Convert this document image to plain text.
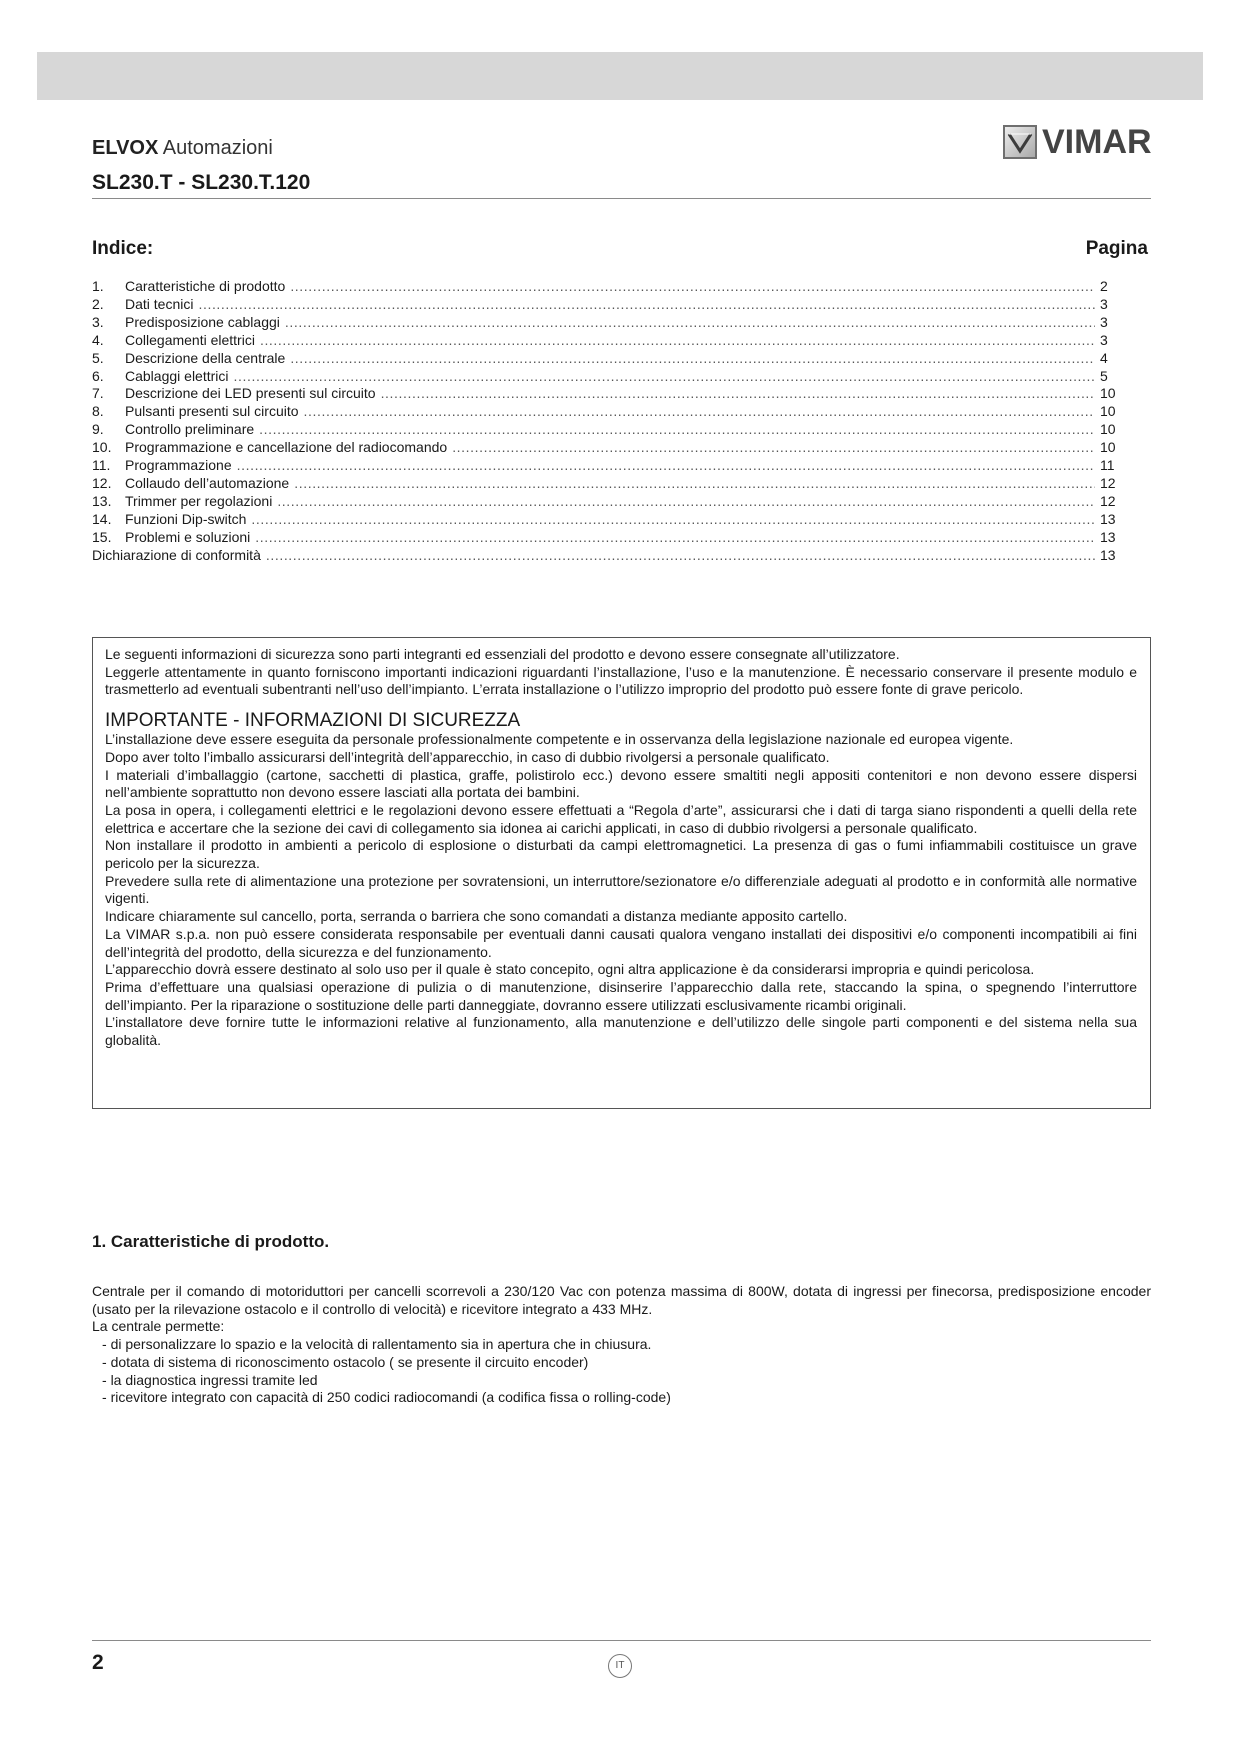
ELVOX Automazioni	VIMAR
SL230.T - SL230.T.120
Indice:	Pagina
1.	Caratteristiche di prodotto .....	2
2.	Dati tecnici .....	3
3.	Predisposizione cablaggi .....	3
4.	Collegamenti elettrici .....	3
5.	Descrizione della centrale .....	4
6.	Cablaggi elettrici .....	5
7.	Descrizione dei LED presenti sul circuito .....	10
8.	Pulsanti presenti sul circuito .....	10
9.	Controllo preliminare .....	10
10. Programmazione e cancellazione del radiocomando .....	10
11.	Programmazione .....	11
12. Collaudo dell’automazione .....	12
13. Trimmer per regolazioni .....	12
14. Funzioni Dip-switch .....	13
15. Problemi e soluzioni .....	13
Dichiarazione di conformità .....	13

Le seguenti informazioni di sicurezza sono parti integranti ed essenziali del prodotto e devono essere consegnate all’utilizzatore.

Leggerle attentamente in quanto forniscono importanti indicazioni riguardanti l’installazione, l’uso e la manutenzione. È necessario conservare il presente modulo e trasmetterlo ad eventuali subentranti nell’uso dell’impianto. L’errata installazione o l’utilizzo improprio del prodotto può essere fonte di grave pericolo.

IMPORTANTE - INFORMAZIONI DI SICUREZZA

L’installazione deve essere eseguita da personale professionalmente competente e in osservanza della legislazione nazionale ed europea vigente.

Dopo aver tolto l’imballo assicurarsi dell’integrità dell’apparecchio, in caso di dubbio rivolgersi a personale qualificato.

I materiali d’imballaggio (cartone, sacchetti di plastica, graffe, polistirolo ecc.) devono essere smaltiti negli appositi contenitori e non devono essere dispersi nell’ambiente soprattutto non devono essere lasciati alla portata dei bambini.

La posa in opera, i collegamenti elettrici e le regolazioni devono essere effettuati a “Regola d’arte”, assicurarsi che i dati di targa siano rispondenti a quelli della rete elettrica e accertare che la sezione dei cavi di collegamento sia idonea ai carichi applicati, in caso di dubbio rivolgersi a personale qualificato.

Non installare il prodotto in ambienti a pericolo di esplosione o disturbati da campi elettromagnetici. La presenza di gas o fumi infiammabili costituisce un grave pericolo per la sicurezza.

Prevedere sulla rete di alimentazione una protezione per sovratensioni, un interruttore/sezionatore e/o differenziale adeguati al prodotto e in conformità alle normative vigenti.

Indicare chiaramente sul cancello, porta, serranda o barriera che sono comandati a distanza mediante apposito cartello.

La VIMAR s.p.a. non può essere considerata responsabile per eventuali danni causati qualora vengano installati dei dispositivi e/o componenti incompatibili ai fini dell’integrità del prodotto, della sicurezza e del funzionamento.

L’apparecchio dovrà essere destinato al solo uso per il quale è stato concepito, ogni altra applicazione è da considerarsi impropria e quindi pericolosa.

Prima d’effettuare una qualsiasi operazione di pulizia o di manutenzione, disinserire l’apparecchio dalla rete, staccando la spina, o spegnendo l’interruttore dell’impianto. Per la riparazione o sostituzione delle parti danneggiate, dovranno essere utilizzati esclusivamente ricambi originali.

L’installatore deve fornire tutte le informazioni relative al funzionamento, alla manutenzione e dell’utilizzo delle singole parti componenti e del sistema nella sua globalità.

1. Caratteristiche di prodotto.

Centrale per il comando di motoriduttori per cancelli scorrevoli a 230/120 Vac con potenza massima di 800W, dotata di ingressi per finecorsa, predisposizione encoder (usato per la rilevazione ostacolo e il controllo di velocità) e ricevitore integrato a 433 MHz.

La centrale permette:

- di personalizzare lo spazio e la velocità di rallentamento sia in apertura che in chiusura.
- dotata di sistema di riconoscimento ostacolo ( se presente il circuito encoder)
- la diagnostica ingressi tramite led
- ricevitore integrato con capacità di 250 codici radiocomandi (a codifica fissa o rolling-code)
2	IT
